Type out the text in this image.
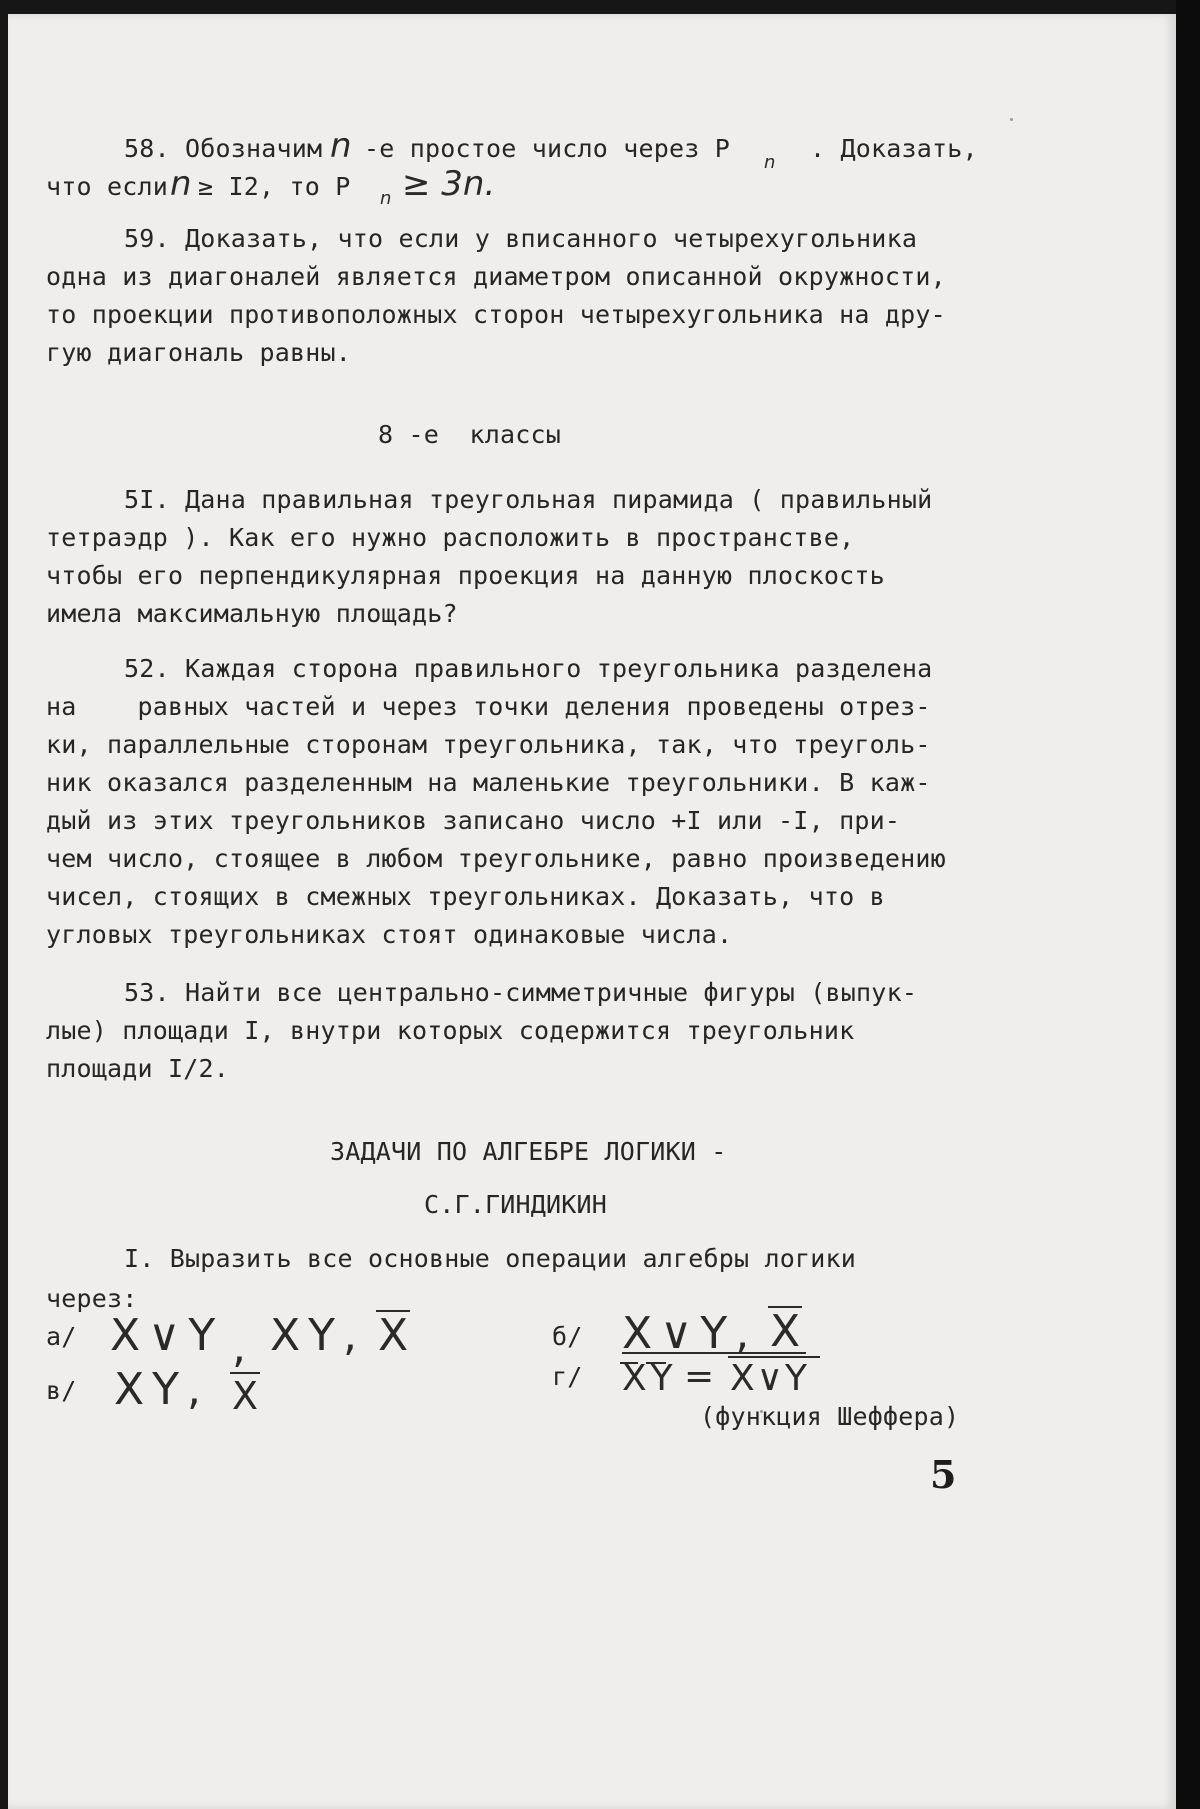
58. Обозначим n -е простое число через P n . Доказать,
что если n ≥ I2, то P n ≥ 3n.
59. Доказать, что если у вписанного четырехугольника
одна из диагоналей является диаметром описанной окружности,
то проекции противоположных сторон четырехугольника на дру-
гую диагональ равны.
8 -е  классы
5I. Дана правильная треугольная пирамида ( правильный
тетраэдр ). Как его нужно расположить в пространстве,
чтобы его перпендикулярная проекция на данную плоскость
имела максимальную площадь?
52. Каждая сторона правильного треугольника разделена
на    равных частей и через точки деления проведены отрез-
ки, параллельные сторонам треугольника, так, что треуголь-
ник оказался разделенным на маленькие треугольники. В каж-
дый из этих треугольников записано число +I или -I, при-
чем число, стоящее в любом треугольнике, равно произведению
чисел, стоящих в смежных треугольниках. Доказать, что в
угловых треугольниках стоят одинаковые числа.
53. Найти все центрально-симметричные фигуры (выпук-
лые) площади I, внутри которых содержится треугольник
площади I/2.
ЗАДАЧИ ПО АЛГЕБРЕ ЛОГИКИ -
С.Г.ГИНДИКИН
I. Выразить все основные операции алгебры логики
через:
а/ X∨Y , XY, X	б/ X∨Y, X
в/ XY, X	г/ XY = X∨Y
(функция Шеффера)
5
